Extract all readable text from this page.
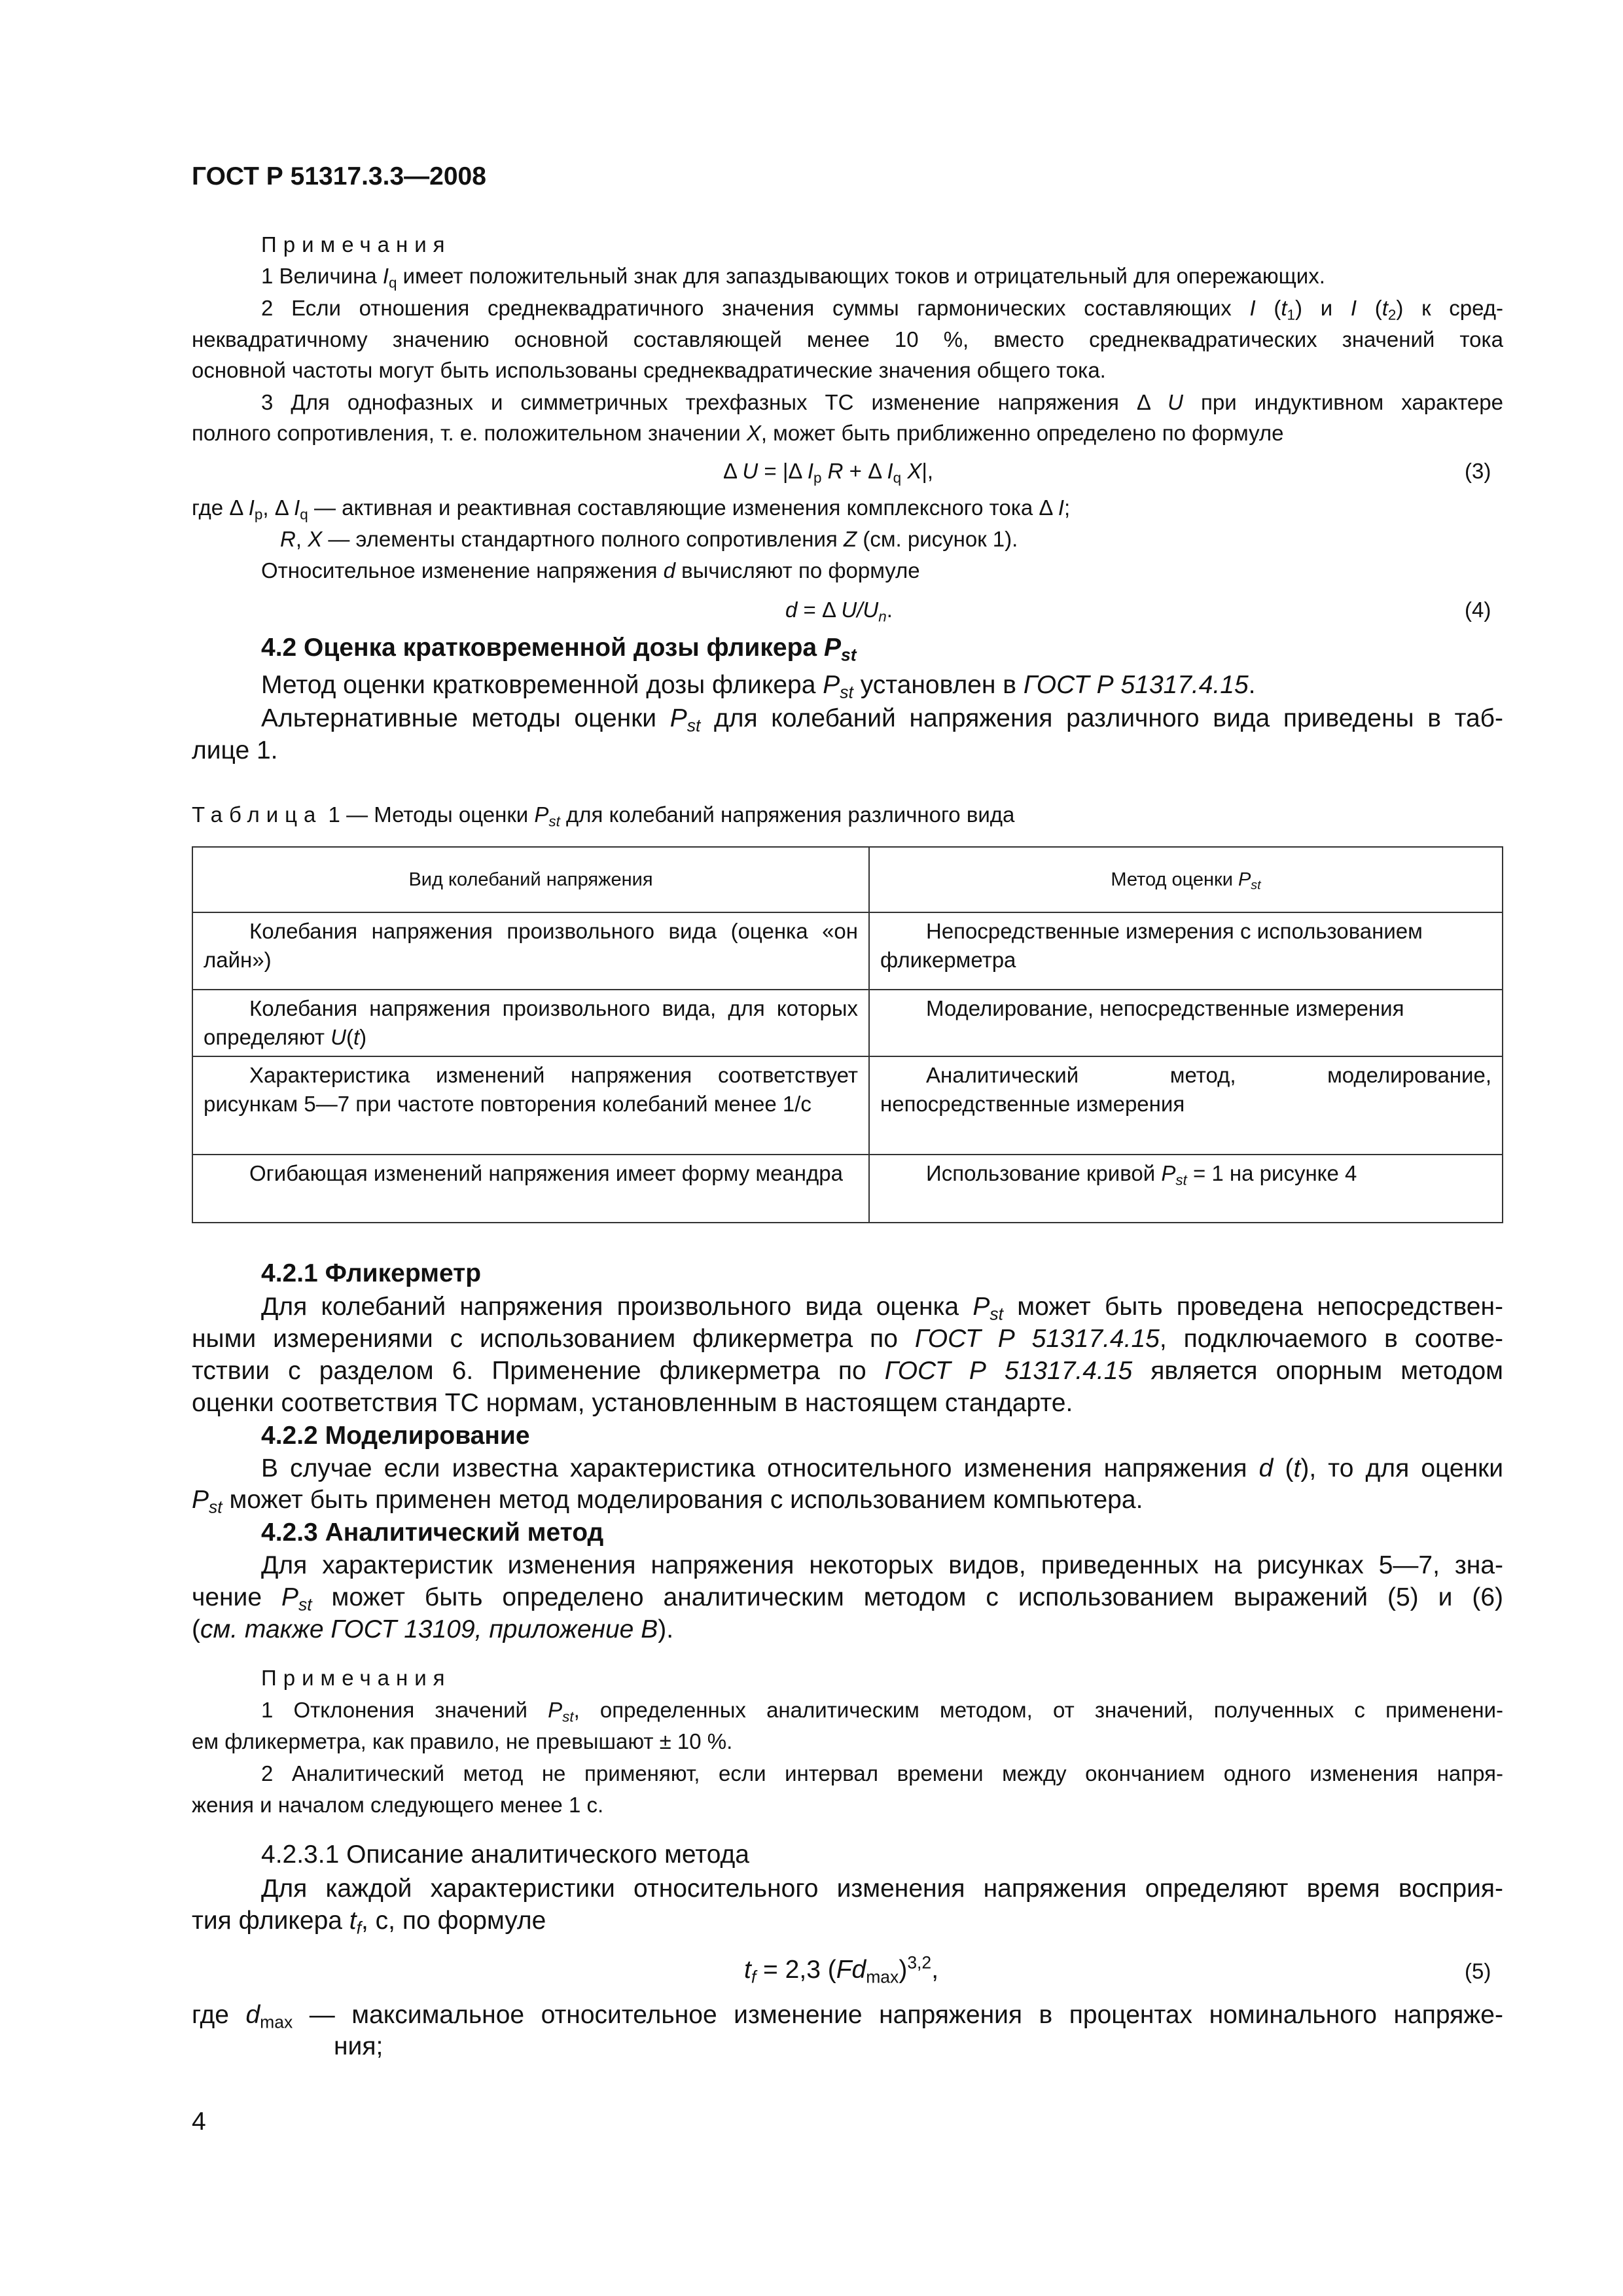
ГОСТ Р 51317.3.3—2008
Примечания
1 Величина $I_q$ имеет положительный знак для запаздывающих токов и отрицательный для опережающих.
2 Если отношения среднеквадратичного значения суммы гармонических составляющих I $(t_1)$ и I $(t_2)$ к сред-
неквадратичному значению основной составляющей менее 10 %, вместо среднеквадратических значений тока
основной частоты могут быть использованы среднеквадратические значения общего тока.
3 Для однофазных и симметричных трехфазных ТС изменение напряжения Δ U при индуктивном характере
полного сопротивления, т. е. положительном значении X, может быть приближенно определено по формуле
Δ U = |Δ $I_p$ R + Δ $I_q$ X|,	(3)
где Δ $I_p$, Δ $I_q$ — активная и реактивная составляющие изменения комплексного тока Δ I;
R, X — элементы стандартного полного сопротивления Z (см. рисунок 1).
Относительное изменение напряжения d вычисляют по формуле
d = Δ $U/U_n$.	(4)
4.2 Оценка кратковременной дозы фликера $P_{st}$
Метод оценки кратковременной дозы фликера $P_{st}$ установлен в ГОСТ Р 51317.4.15.
Альтернативные методы оценки $P_{st}$ для колебаний напряжения различного вида приведены в таб-
лице 1.
Таблица 1 — Методы оценки $P_{st}$ для колебаний напряжения различного вида
Вид колебаний напряжения	Метод оценки $P_{st}$

Колебания напряжения произвольного вида (оценка «он лайн»)	Непосредственные измерения с использованием фликерметра

Колебания напряжения произвольного вида, для которых определяют U(t)	Моделирование, непосредственные измерения

Характеристика изменений напряжения соответствует рисункам 5—7 при частоте повторения колебаний менее 1/с	Аналитический метод, моделирование, непосредственные измерения

Огибающая изменений напряжения имеет форму меандра	Использование кривой $P_{st} = 1$ на рисунке 4
4.2.1 Фликерметр
Для колебаний напряжения произвольного вида оценка $P_{st}$ может быть проведена непосредствен-
ными измерениями с использованием фликерметра по ГОСТ Р 51317.4.15, подключаемого в соотве-
тствии с разделом 6. Применение фликерметра по ГОСТ Р 51317.4.15 является опорным методом
оценки соответствия ТС нормам, установленным в настоящем стандарте.
4.2.2 Моделирование
В случае если известна характеристика относительного изменения напряжения d (t), то для оценки
$P_{st}$ может быть применен метод моделирования с использованием компьютера.
4.2.3 Аналитический метод
Для характеристик изменения напряжения некоторых видов, приведенных на рисунках 5—7, зна-
чение $P_{st}$ может быть определено аналитическим методом с использованием выражений (5) и (6)
(см. также ГОСТ 13109, приложение В).
Примечания
1 Отклонения значений $P_{st}$, определенных аналитическим методом, от значений, полученных с применени-
ем фликерметра, как правило, не превышают ± 10 %.
2 Аналитический метод не применяют, если интервал времени между окончанием одного изменения напря-
жения и началом следующего менее 1 с.
4.2.3.1 Описание аналитического метода
Для каждой характеристики относительного изменения напряжения определяют время восприя-
тия фликера $t_f$, с, по формуле
$t_f = 2,3$ $(Fd_{max})^{3,2}$,	(5)
где $d_{max}$ — максимальное относительное изменение напряжения в процентах номинального напряже-
ния;
4
